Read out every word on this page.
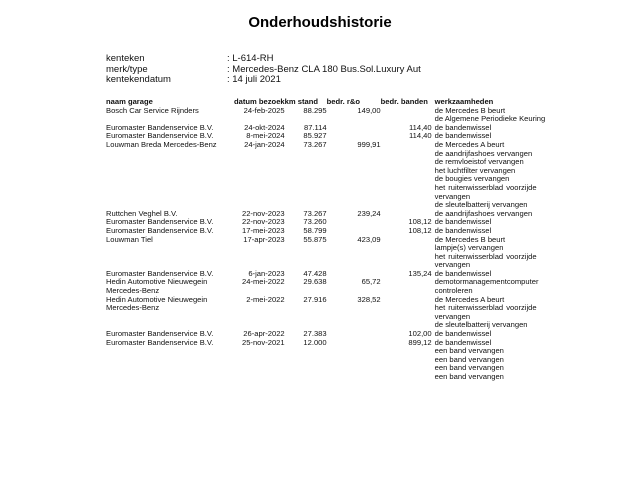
Onderhoudshistorie
kenteken	: L-614-RH
merk/type	: Mercedes-Benz CLA 180 Bus.Sol.Luxury Aut
kentekendatum	: 14 juli 2021
naam garage	datum bezoek	km stand	bedr. r&o	bedr. banden	werkzaamheden

Bosch Car Service Rijnders	24-feb-2025	88.295	149,00		de Mercedes B beurt
de Algemene Periodieke Keuring

Euromaster Bandenservice B.V.	24-okt-2024	87.114		114,40	de bandenwissel

Euromaster Bandenservice B.V.	8-mei-2024	85.927		114,40	de bandenwissel

Louwman Breda Mercedes-Benz	24-jan-2024	73.267	999,91		de Mercedes A beurt
de aandrijfashoes vervangen
de remvloeistof vervangen
het luchtfilter vervangen
de bougies vervangen
het ruitenwisserblad voorzijde
vervangen
de sleutelbatterij vervangen

Ruttchen Veghel B.V.	22-nov-2023	73.267	239,24		de aandrijfashoes vervangen

Euromaster Bandenservice B.V.	22-nov-2023	73.260		108,12	de bandenwissel

Euromaster Bandenservice B.V.	17-mei-2023	58.799		108,12	de bandenwissel

Louwman Tiel	17-apr-2023	55.875	423,09		de Mercedes B beurt
lampje(s) vervangen
het ruitenwisserblad voorzijde
vervangen

Euromaster Bandenservice B.V.	6-jan-2023	47.428		135,24	de bandenwissel

Hedin Automotive Nieuwegein
Mercedes-Benz
	24-mei-2022	29.638	65,72		de motormanagementcomputer
controleren

Hedin Automotive Nieuwegein
Mercedes-Benz
	2-mei-2022	27.916	328,52		de Mercedes A beurt
het ruitenwisserblad voorzijde
vervangen
de sleutelbatterij vervangen

Euromaster Bandenservice B.V.	26-apr-2022	27.383		102,00	de bandenwissel

Euromaster Bandenservice B.V.	25-nov-2021	12.000		899,12	de bandenwissel
een band vervangen
een band vervangen
een band vervangen
een band vervangen
